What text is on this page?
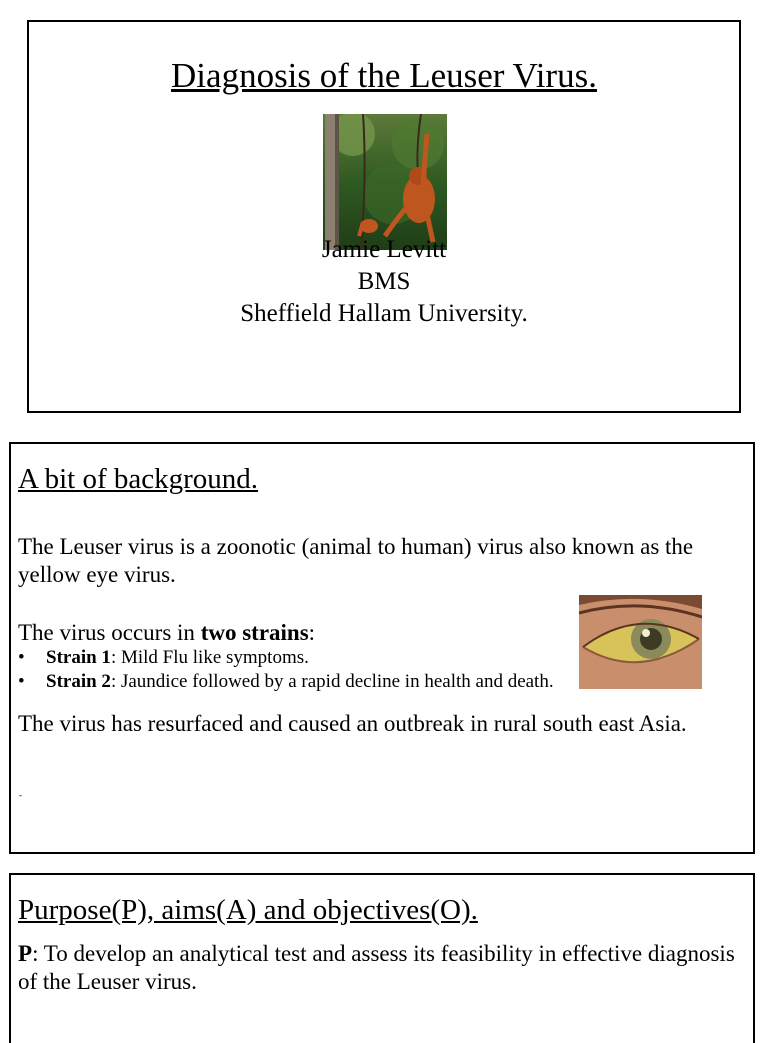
Diagnosis of the Leuser Virus.
Jamie Levitt
BMS
Sheffield Hallam University.
A bit of background.
The Leuser virus is a zoonotic (animal to human) virus also known as the yellow eye virus.
The virus occurs in two strains:
• Strain 1: Mild Flu like symptoms.
• Strain 2: Jaundice followed by a rapid decline in health and death.
The virus has resurfaced and caused an outbreak in rural south east Asia.
-
Purpose(P), aims(A) and objectives(O).
P: To develop an analytical test and assess its feasibility in effective diagnosis of the Leuser virus.
